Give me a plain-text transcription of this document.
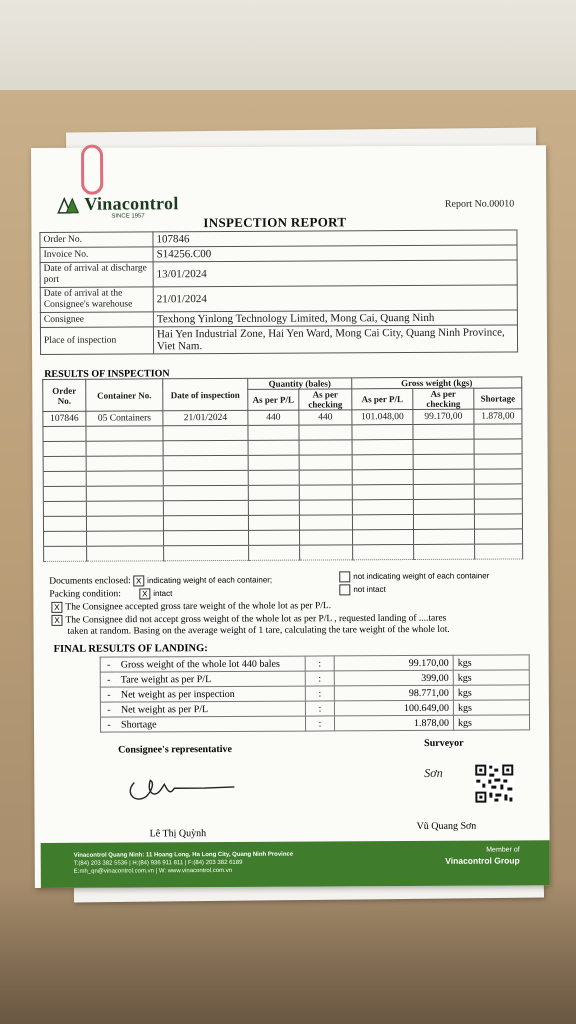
Vinacontrol
SINCE 1957
Report No.00010
INSPECTION REPORT
Order No.	107846
Invoice No.	S14256.C00
Date of arrival at discharge port	13/01/2024
Date of arrival at the Consignee's warehouse	21/01/2024
Consignee	Texhong Yinlong Technology Limited, Mong Cai, Quang Ninh
Place of inspection	Hai Yen Industrial Zone, Hai Yen Ward, Mong Cai City, Quang Ninh Province, Viet Nam.
RESULTS OF INSPECTION
Order No.	Container No.	Date of inspection	Quantity (bales)		Gross weight (kgs)		
			As per P/L	As per checking	As per P/L	As per checking	Shortage
107846	05 Containers	21/01/2024	440	440	101.048,00	99.170,00	1.878,00

Documents enclosed: X indicating weight of each container;	not indicating weight of each container
Packing condition:	X intact	not intact
X The Consignee accepted gross tare weight of the whole lot as per P/L.
X The Consignee did not accept gross weight of the whole lot as per P/L , requested landing of ....tares
taken at random. Basing on the average weight of 1 tare, calculating the tare weight of the whole lot.
FINAL RESULTS OF LANDING:
-	Gross weight of the whole lot 440 bales	:	99.170,00	kgs
-	Tare weight as per P/L	:	399,00	kgs
-	Net weight as per inspection	:	98.771,00	kgs
-	Net weight as per P/L	:	100.649,00	kgs
-	Shortage	:	1.878,00	kgs
Consignee's representative
Surveyor
Sơn
Lê Thị Quỳnh
Vũ Quang Sơn
Vinacontrol Quang Ninh: 11 Hoang Long, Ha Long City, Quang Ninh Province
T:(84) 203 382 5536 | H:(84) 936 911 811 | F:(84) 203 382 6189
E:mh_qn@vinacontrol.com.vn | W: www.vinacontrol.com.vn
Member of
Vinacontrol Group
